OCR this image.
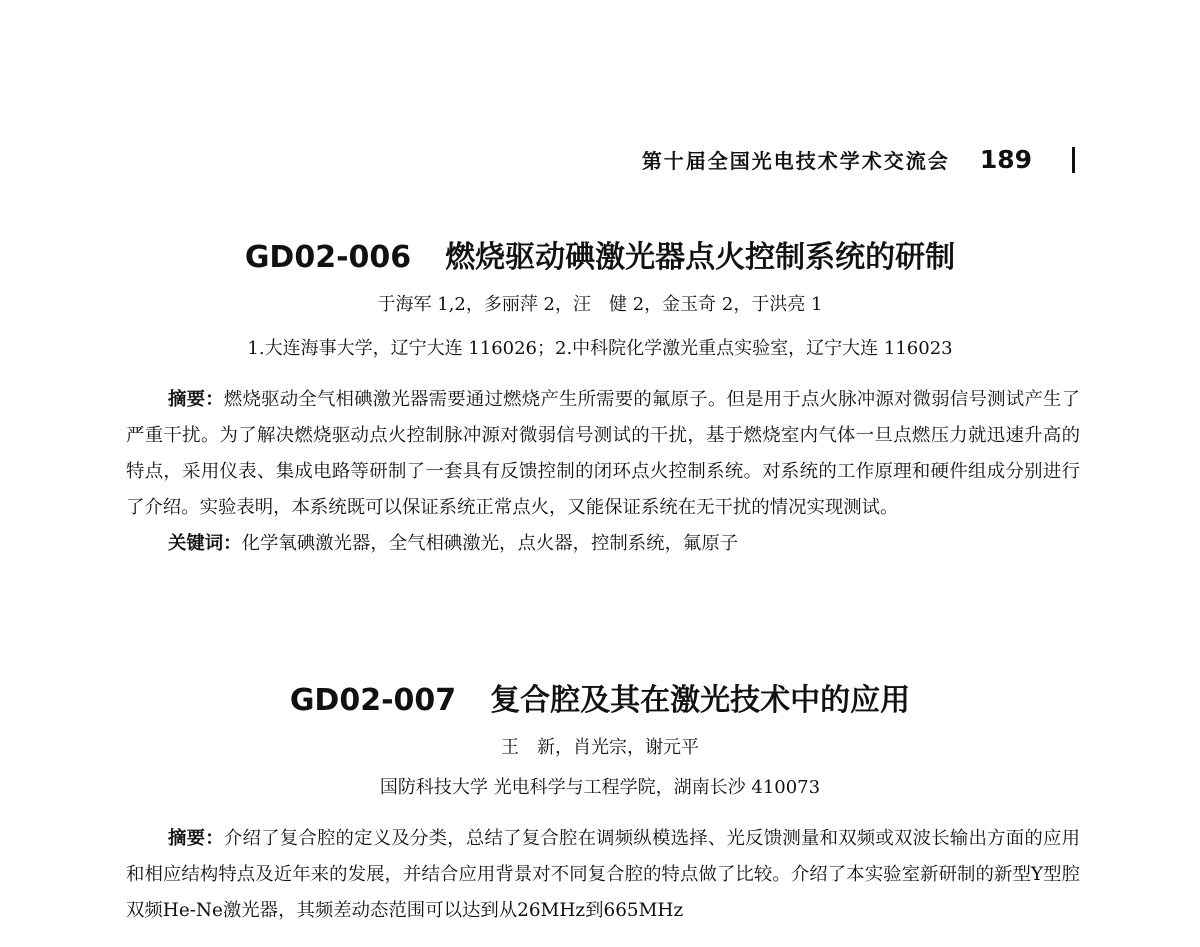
第十届全国光电技术学术交流会 189
GD02-006 燃烧驱动碘激光器点火控制系统的研制
于海军 1,2，多丽萍 2，汪　健 2，金玉奇 2，于洪亮 1
1.大连海事大学，辽宁大连 116026；2.中科院化学激光重点实验室，辽宁大连 116023

摘要：燃烧驱动全气相碘激光器需要通过燃烧产生所需要的氟原子。但是用于点火脉冲源对微弱信号测试产生了严重干扰。为了解决燃烧驱动点火控制脉冲源对微弱信号测试的干扰，基于燃烧室内气体一旦点燃压力就迅速升高的特点，采用仪表、集成电路等研制了一套具有反馈控制的闭环点火控制系统。对系统的工作原理和硬件组成分别进行了介绍。实验表明，本系统既可以保证系统正常点火，又能保证系统在无干扰的情况实现测试。

关键词：化学氧碘激光器，全气相碘激光，点火器，控制系统，氟原子

GD02-007 复合腔及其在激光技术中的应用
王　新，肖光宗，谢元平
国防科技大学 光电科学与工程学院，湖南长沙 410073

摘要：介绍了复合腔的定义及分类，总结了复合腔在调频纵模选择、光反馈测量和双频或双波长输出方面的应用和相应结构特点及近年来的发展，并结合应用背景对不同复合腔的特点做了比较。介绍了本实验室新研制的新型Y型腔双频He-Ne激光器，其频差动态范围可以达到从26MHz到665MHz
